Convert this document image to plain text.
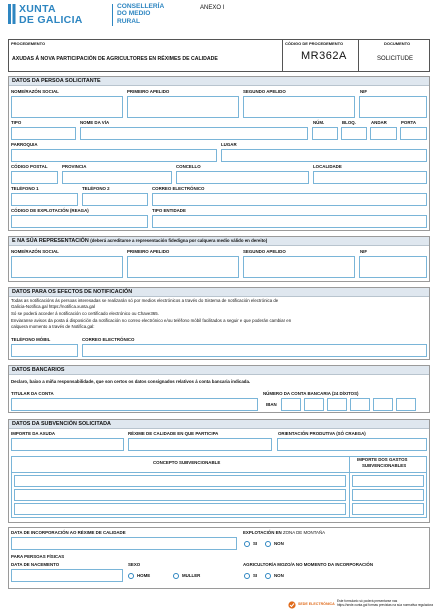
XUNTA
DE GALICIA
CONSELLERÍA
DO MEDIO
RURAL
ANEXO I
PROCEDEMENTO
AXUDAS Á NOVA PARTICIPACIÓN DE AGRICULTORES EN RÉXIMES DE CALIDADE
CÓDIGO DE PROCEDEMENTO
MR362A
DOCUMENTO
SOLICITUDE
DATOS DA PERSOA SOLICITANTE
NOME/RAZÓN SOCIAL	PRIMEIRO APELIDO	SEGUNDO APELIDO	NIF
TIPO	NOME DA VÍA	NÚM.	BLOQ.	ANDAR	PORTA
PARROQUIA	LUGAR
CÓDIGO POSTAL	PROVINCIA	CONCELLO	LOCALIDADE
TELÉFONO 1	TELÉFONO 2	CORREO ELECTRÓNICO
CÓDIGO DE EXPLOTACIÓN (REAGA)	TIPO ENTIDADE
E NA SÚA REPRESENTACIÓN (deberá acreditarse a representación fidedigna por calquera medio válido en dereito)
NOME/RAZÓN SOCIAL	PRIMEIRO APELIDO	SEGUNDO APELIDO	NIF
DATOS PARA OS EFECTOS DE NOTIFICACIÓN
Todas as notificacións ás persoas interesadas se realizarán só por medios electrónicos a través do Sistema de notificación electrónica de
Galicia-Notifica.gal https://notifica.xunta.gal
Só se poderá acceder á notificación co certificado electrónico ou Chave365.
Enviaranse avisos da posta á disposición da notificación no correo electrónico e/ou teléfono móbil facilitados a seguir e que poderán cambiar en
calquera momento a través de Notifica.gal:
TELÉFONO MÓBIL	CORREO ELECTRÓNICO
DATOS BANCARIOS
Declaro, baixo a miña responsabilidade, que son certos os datos consignados relativos á conta bancaria indicada.
TITULAR DA CONTA	NÚMERO DA CONTA BANCARIA (24 DÍXITOS)
IBAN
DATOS DA SUBVENCIÓN SOLICITADA
IMPORTE DA AXUDA	RÉXIME DE CALIDADE EN QUE PARTICIPA	ORIENTACIÓN PRODUTIVA (SÓ CRAEGA)
CONCEPTO SUBVENCIONABLE
IMPORTE DOS GASTOS
SUBVENCIONABLES
DATA DE INCORPORACIÓN AO RÉXIME DE CALIDADE	EXPLOTACIÓN EN ZONA DE MONTAÑA
SI	NON
PARA PERSOAS FÍSICAS
DATA DE NACEMENTO	SEXO
HOME	MULLER
AGRICULTOR/A MOZO/A NO MOMENTO DA INCORPORACIÓN
SI	NON
SEDE ELECTRÓNICA
Este formulario só poderá presentarse nas
https://sede.xunta.gal formas previstas na súa normativa reguladora
